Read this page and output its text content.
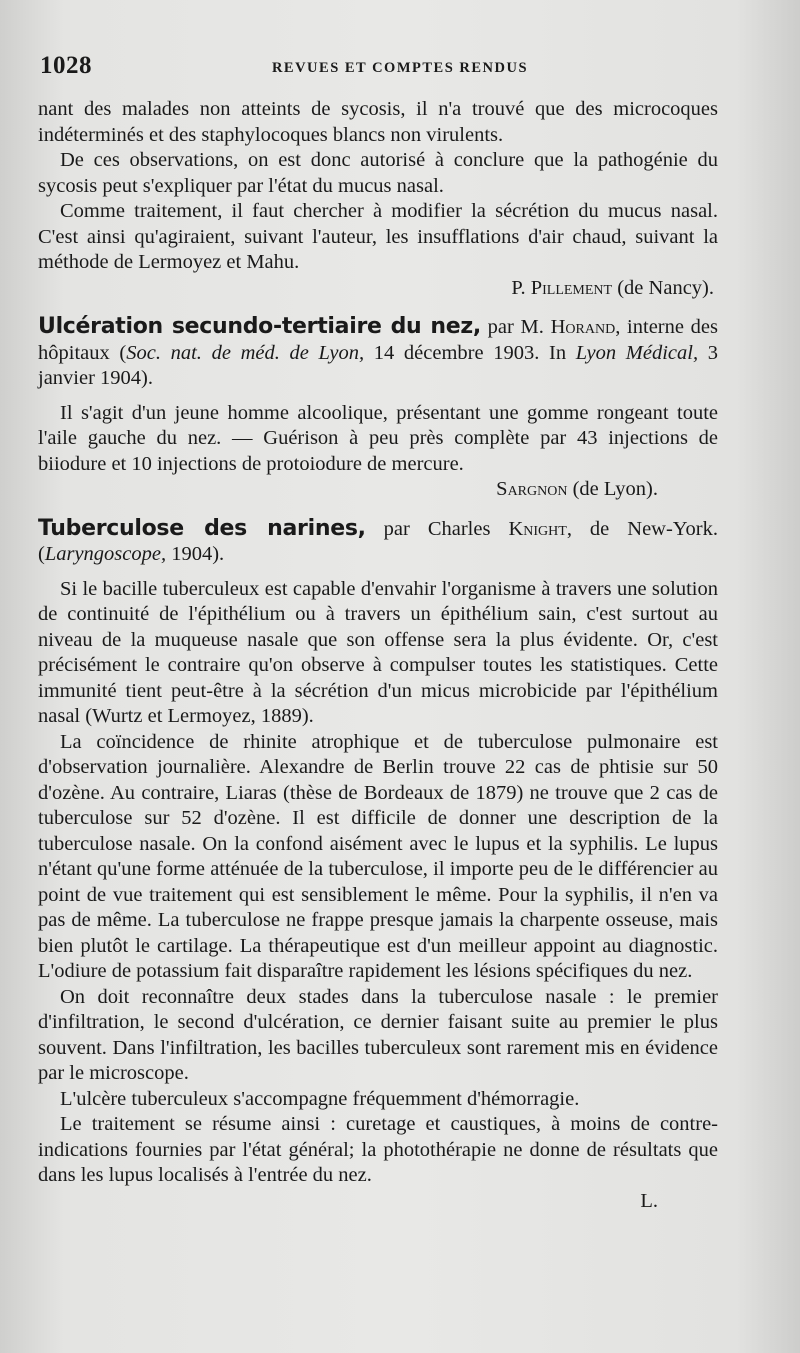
1028	REVUES ET COMPTES RENDUS

nant des malades non atteints de sycosis, il n'a trouvé que des microcoques indéterminés et des staphylocoques blancs non virulents.

De ces observations, on est donc autorisé à conclure que la pathogénie du sycosis peut s'expliquer par l'état du mucus nasal.

Comme traitement, il faut chercher à modifier la sécrétion du mucus nasal. C'est ainsi qu'agiraient, suivant l'auteur, les insufflations d'air chaud, suivant la méthode de Lermoyez et Mahu.

P. Pillement (de Nancy).

Ulcération secundo-tertiaire du nez, par M. Horand, interne des hôpitaux (Soc. nat. de méd. de Lyon, 14 décembre 1903. In Lyon Médical, 3 janvier 1904).

Il s'agit d'un jeune homme alcoolique, présentant une gomme rongeant toute l'aile gauche du nez. — Guérison à peu près complète par 43 injections de biiodure et 10 injections de protoiodure de mercure.

Sargnon (de Lyon).

Tuberculose des narines, par Charles Knight, de New-York. (Laryngoscope, 1904).

Si le bacille tuberculeux est capable d'envahir l'organisme à travers une solution de continuité de l'épithélium ou à travers un épithélium sain, c'est surtout au niveau de la muqueuse nasale que son offense sera la plus évidente. Or, c'est précisément le contraire qu'on observe à compulser toutes les statistiques. Cette immunité tient peut-être à la sécrétion d'un micus microbicide par l'épithélium nasal (Wurtz et Lermoyez, 1889).

La coïncidence de rhinite atrophique et de tuberculose pulmonaire est d'observation journalière. Alexandre de Berlin trouve 22 cas de phtisie sur 50 d'ozène. Au contraire, Liaras (thèse de Bordeaux de 1879) ne trouve que 2 cas de tuberculose sur 52 d'ozène. Il est difficile de donner une description de la tuberculose nasale. On la confond aisément avec le lupus et la syphilis. Le lupus n'étant qu'une forme atténuée de la tuberculose, il importe peu de le différencier au point de vue traitement qui est sensiblement le même. Pour la syphilis, il n'en va pas de même. La tuberculose ne frappe presque jamais la charpente osseuse, mais bien plutôt le cartilage. La thérapeutique est d'un meilleur appoint au diagnostic. L'odiure de potassium fait disparaître rapidement les lésions spécifiques du nez.

On doit reconnaître deux stades dans la tuberculose nasale : le premier d'infiltration, le second d'ulcération, ce dernier faisant suite au premier le plus souvent. Dans l'infiltration, les bacilles tuberculeux sont rarement mis en évidence par le microscope.

L'ulcère tuberculeux s'accompagne fréquemment d'hémorragie.

Le traitement se résume ainsi : curetage et caustiques, à moins de contre-indications fournies par l'état général; la photothérapie ne donne de résultats que dans les lupus localisés à l'entrée du nez.

L.
